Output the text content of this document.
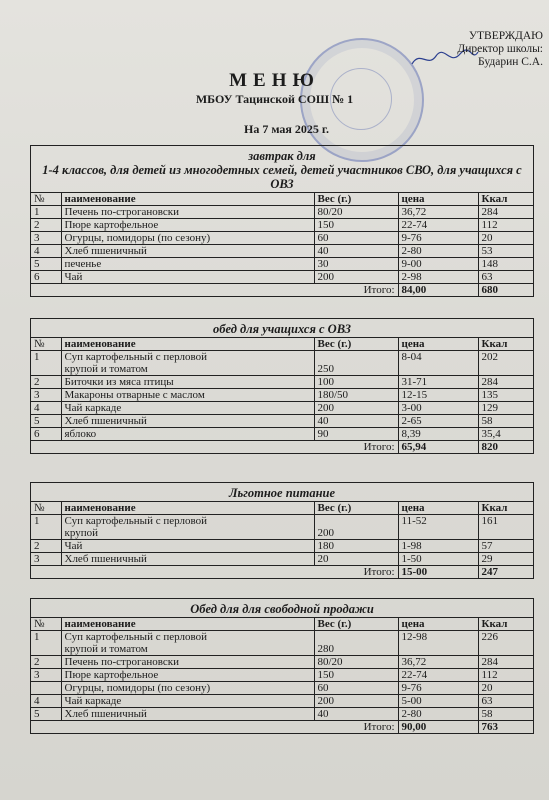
УТВЕРЖДАЮ
Директор школы:
Бударин С.А.
МЕНЮ
МБОУ Тацинской СОШ № 1
На 7 мая 2025 г.
завтрак для
1-4 классов, для детей из многодетных семей, детей участников СВО, для учащихся с ОВЗ
№	наименование	Вес (г.)	цена	Ккал
1	Печень по-строгановски	80/20	36,72	284
2	Пюре картофельное	150	22-74	112
3	Огурцы, помидоры (по сезону)	60	9-76	20
4	Хлеб пшеничный	40	2-80	53
5	печенье	30	9-00	148
6	Чай	200	2-98	63
Итого:			84,00	680
обед для учащихся с ОВЗ
№	наименование	Вес (г.)	цена	Ккал
1	Суп картофельный с перловой
крупой и томатом	250	8-04	202
2	Биточки из мяса птицы	100	31-71	284
3	Макароны отварные с маслом	180/50	12-15	135
4	Чай каркаде	200	3-00	129
5	Хлеб пшеничный	40	2-65	58
6	яблоко	90	8,39	35,4
Итого:			65,94	820
Льготное питание
№	наименование	Вес (г.)	цена	Ккал
1	Суп картофельный с перловой
крупой	200	11-52	161
2	Чай	180	1-98	57
3	Хлеб пшеничный	20	1-50	29
Итого:			15-00	247
Обед для для свободной продажи
№	наименование	Вес (г.)	цена	Ккал
1	Суп картофельный с перловой
крупой и томатом	280	12-98	226
2	Печень по-строгановски	80/20	36,72	284
3	Пюре картофельное	150	22-74	112
	Огурцы, помидоры (по сезону)	60	9-76	20
4	Чай каркаде	200	5-00	63
5	Хлеб пшеничный	40	2-80	58
Итого:			90,00	763
